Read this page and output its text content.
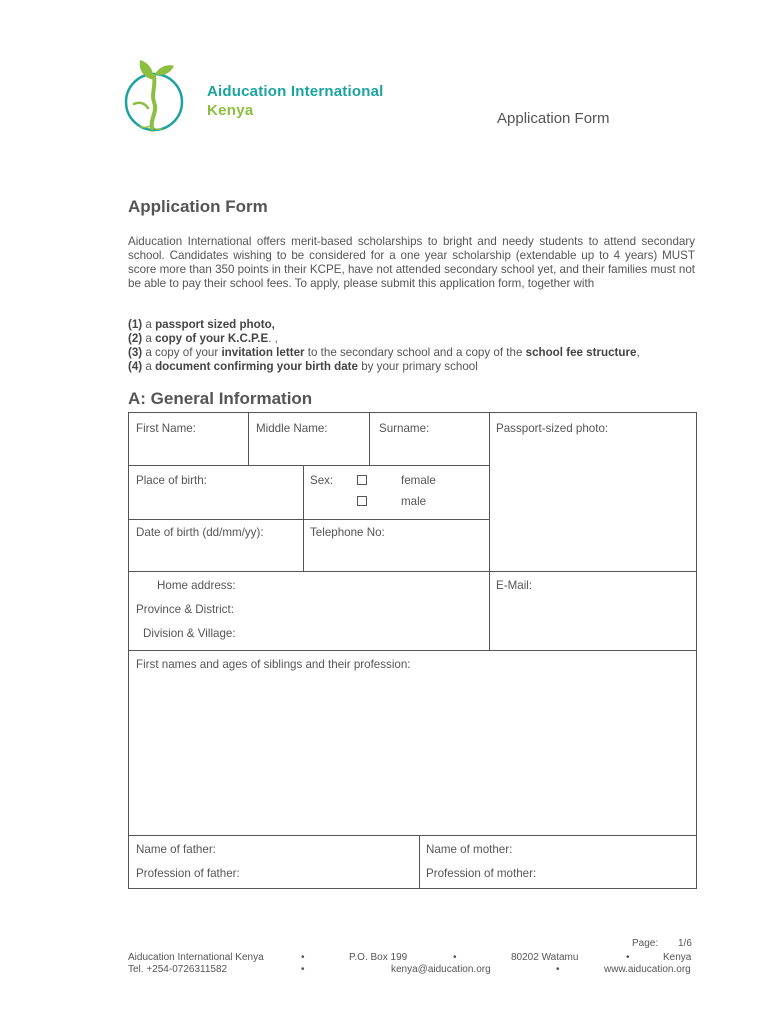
Aiducation International
Kenya	Application Form
Application Form
Aiducation International offers merit-based scholarships to bright and needy students to attend secondary school. Candidates wishing to be considered for a one year scholarship (extendable up to 4 years) MUST score more than 350 points in their KCPE, have not attended secondary school yet, and their families must not be able to pay their school fees. To apply, please submit this application form, together with
(1) a passport sized photo,
(2) a copy of your K.C.P.E. ,
(3) a copy of your invitation letter to the secondary school and a copy of the school fee structure,
(4) a document confirming your birth date by your primary school
A: General Information
First Name:	Middle Name:	Surname:	Passport-sized photo:
Place of birth:	Sex:	female
male
Date of birth (dd/mm/yy):	Telephone No:
Home address:
Province & District:
Division & Village:
E-Mail:
First names and ages of siblings and their profession:
Name of father:
Profession of father:
Name of mother:
Profession of mother:
Page: 1/6
Aiducation International Kenya	•	P.O. Box 199	•	80202 Watamu	•	Kenya
Tel. +254-0726311582	•	kenya@aiducation.org	•	www.aiducation.org
